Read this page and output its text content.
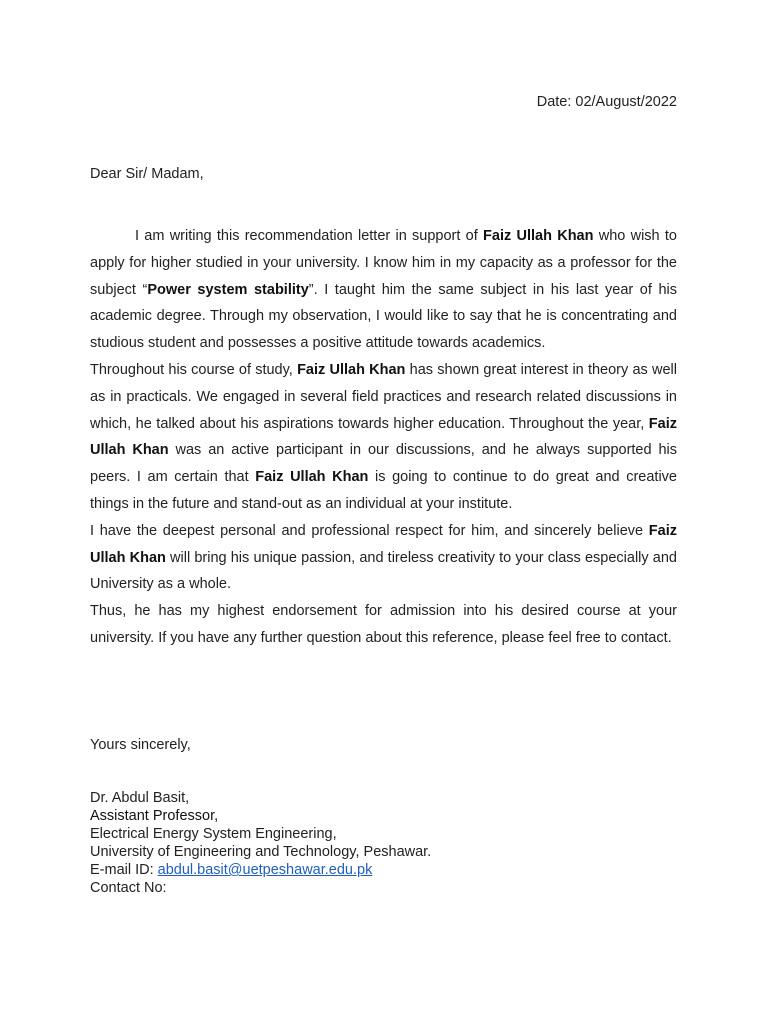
Date: 02/August/2022
Dear Sir/ Madam,

I am writing this recommendation letter in support of Faiz Ullah Khan who wish to apply for higher studied in your university. I know him in my capacity as a professor for the subject “Power system stability”. I taught him the same subject in his last year of his academic degree. Through my observation, I would like to say that he is concentrating and studious student and possesses a positive attitude towards academics.

Throughout his course of study, Faiz Ullah Khan has shown great interest in theory as well as in practicals. We engaged in several field practices and research related discussions in which, he talked about his aspirations towards higher education. Throughout the year, Faiz Ullah Khan was an active participant in our discussions, and he always supported his peers. I am certain that Faiz Ullah Khan is going to continue to do great and creative things in the future and stand-out as an individual at your institute.

I have the deepest personal and professional respect for him, and sincerely believe Faiz Ullah Khan will bring his unique passion, and tireless creativity to your class especially and University as a whole.

Thus, he has my highest endorsement for admission into his desired course at your university. If you have any further question about this reference, please feel free to contact.

Yours sincerely,
Dr. Abdul Basit,
Assistant Professor,
Electrical Energy System Engineering,
University of Engineering and Technology, Peshawar.
E-mail ID: abdul.basit@uetpeshawar.edu.pk
Contact No:
